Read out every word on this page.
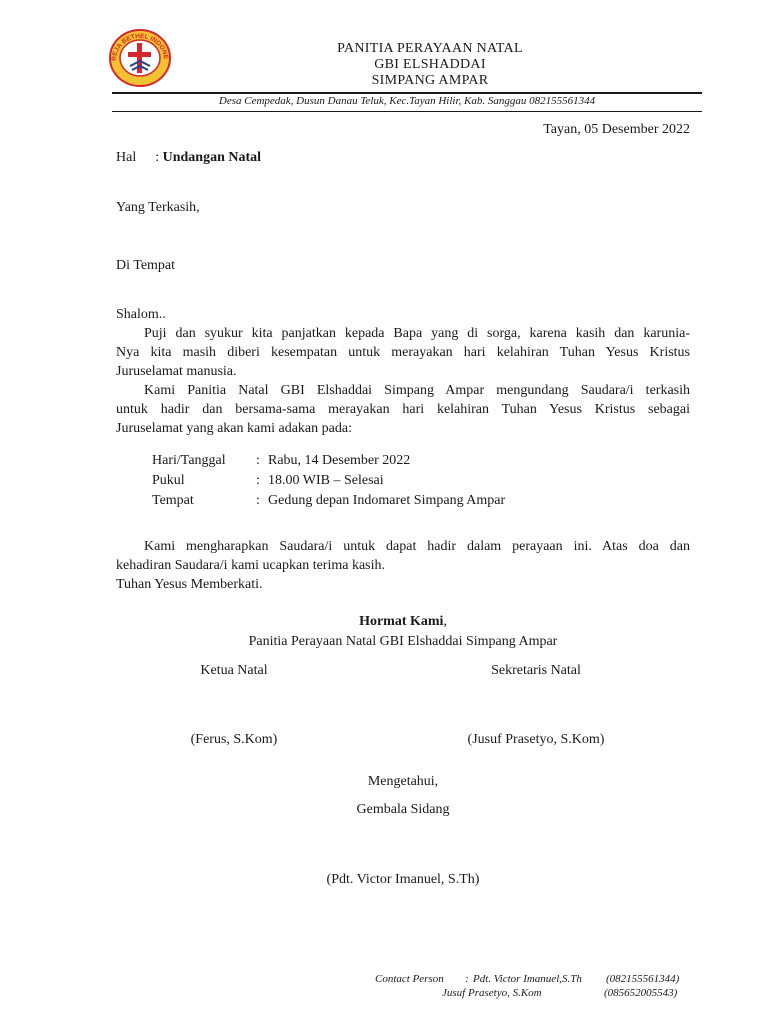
REJA BETHEL INDONE
PANITIA PERAYAAN NATAL
GBI ELSHADDAI
SIMPANG AMPAR
Desa Cempedak, Dusun Danau Teluk, Kec.Tayan Hilir, Kab. Sanggau 082155561344
Tayan, 05 Desember 2022
Hal : Undangan Natal
Yang Terkasih,
Di Tempat
Shalom..
Puji dan syukur kita panjatkan kepada Bapa yang di sorga, karena kasih dan karunia-
Nya kita masih diberi kesempatan untuk merayakan hari kelahiran Tuhan Yesus Kristus
Juruselamat manusia.
Kami Panitia Natal GBI Elshaddai Simpang Ampar mengundang Saudara/i terkasih
untuk hadir dan bersama-sama merayakan hari kelahiran Tuhan Yesus Kristus sebagai
Juruselamat yang akan kami adakan pada:
Hari/Tanggal : Rabu, 14 Desember 2022
Pukul	: 18.00 WIB – Selesai
Tempat	: Gedung depan Indomaret Simpang Ampar
Kami mengharapkan Saudara/i untuk dapat hadir dalam perayaan ini. Atas doa dan
kehadiran Saudara/i kami ucapkan terima kasih.
Tuhan Yesus Memberkati.
Hormat Kami,
Panitia Perayaan Natal GBI Elshaddai Simpang Ampar
Ketua Natal	Sekretaris Natal
(Ferus, S.Kom)	(Jusuf Prasetyo, S.Kom)
Mengetahui,
Gembala Sidang
(Pdt. Victor Imanuel, S.Th)
Contact Person : Pdt. Victor Imanuel,S.Th (082155561344)
Jusuf Prasetyo, S.Kom	(085652005543)
